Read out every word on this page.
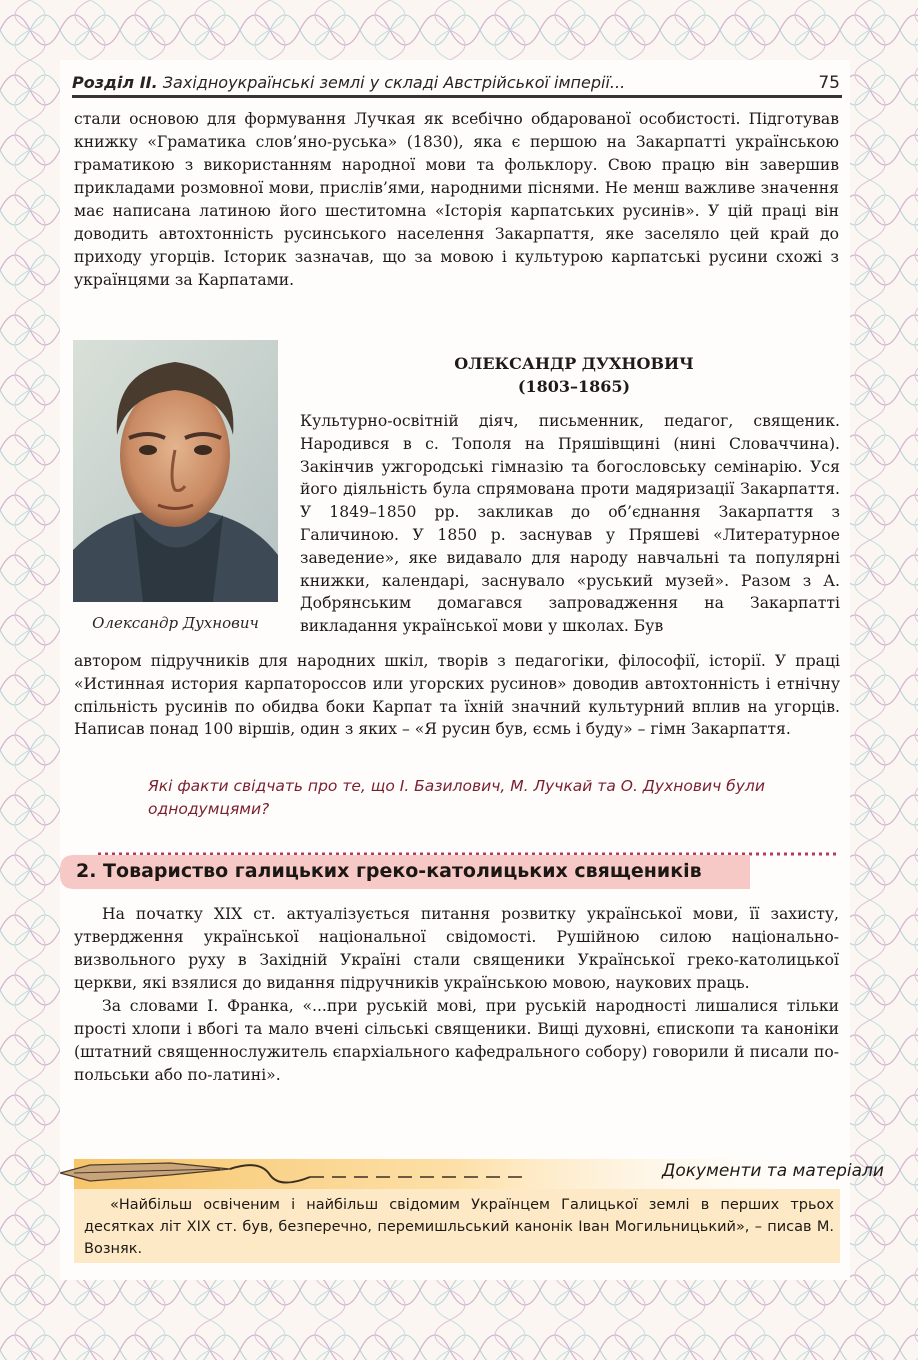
Розділ II. Західноукраїнські землі у складі Австрійської імперії...	75

стали основою для формування Лучкая як всебічно обдарованої особистості. Підготував книжку «Граматика слов’яно-руська» (1830), яка є першою на Закарпатті українською граматикою з використанням народної мови та фольклору. Свою працю він завершив прикладами розмовної мови, прислів’ями, народними піснями. Не менш важливе значення має написана латиною його шеститомна «Історія карпатських русинів». У цій праці він доводить автохтонність русинського населення Закарпаття, яке заселяло цей край до приходу угорців. Історик зазначав, що за мовою і культурою карпатські русини схожі з українцями за Карпатами.

Олександр Духнович
ОЛЕКСАНДР ДУХНОВИЧ
(1803–1865)
Культурно-освітній діяч, письменник, педагог, священик. Народився в с. Тополя на Пряшівщині (нині Словаччина). Закінчив ужгородські гімназію та богословську семінарію. Уся його діяльність була спрямована проти мадяризації Закарпаття. У 1849–1850 рр. закликав до об’єднання Закарпаття з Галичиною. У 1850 р. заснував у Пряшеві «Литературное заведение», яке видавало для народу навчальні та популярні книжки, календарі, заснувало «руський музей». Разом з А. Добрянським домагався запровадження на Закарпатті викладання української мови у школах. Був
автором підручників для народних шкіл, творів з педагогіки, філософії, історії. У праці «Истинная история карпатороссов или угорских русинов» доводив автохтонність і етнічну спільність русинів по обидва боки Карпат та їхній значний культурний вплив на угорців. Написав понад 100 віршів, один з яких – «Я русин був, єсмь і буду» – гімн Закарпаття.
Які факти свідчать про те, що І. Базилович, М. Лучкай та О. Духнович були однодумцями?
2. Товариство галицьких греко-католицьких священиків

На початку XIX ст. актуалізується питання розвитку української мови, її захисту, утвердження української національної свідомості. Рушійною силою національно-визвольного руху в Західній Україні стали священики Української греко-католицької церкви, які взялися до видання підручників українською мовою, наукових праць.

За словами І. Франка, «...при руській мові, при руській народності лишалися тільки прості хлопи і вбогі та мало вчені сільські священики. Вищі духовні, єпископи та каноніки (штатний священнослужитель єпархіального кафедрального собору) говорили й писали по-польськи або по-латині».

Документи та матеріали

«Найбільш освіченим і найбільш свідомим Українцем Галицької землі в перших трьох десятках літ XIX ст. був, безперечно, перемишльський канонік Іван Могильницький», – писав М. Возняк.
